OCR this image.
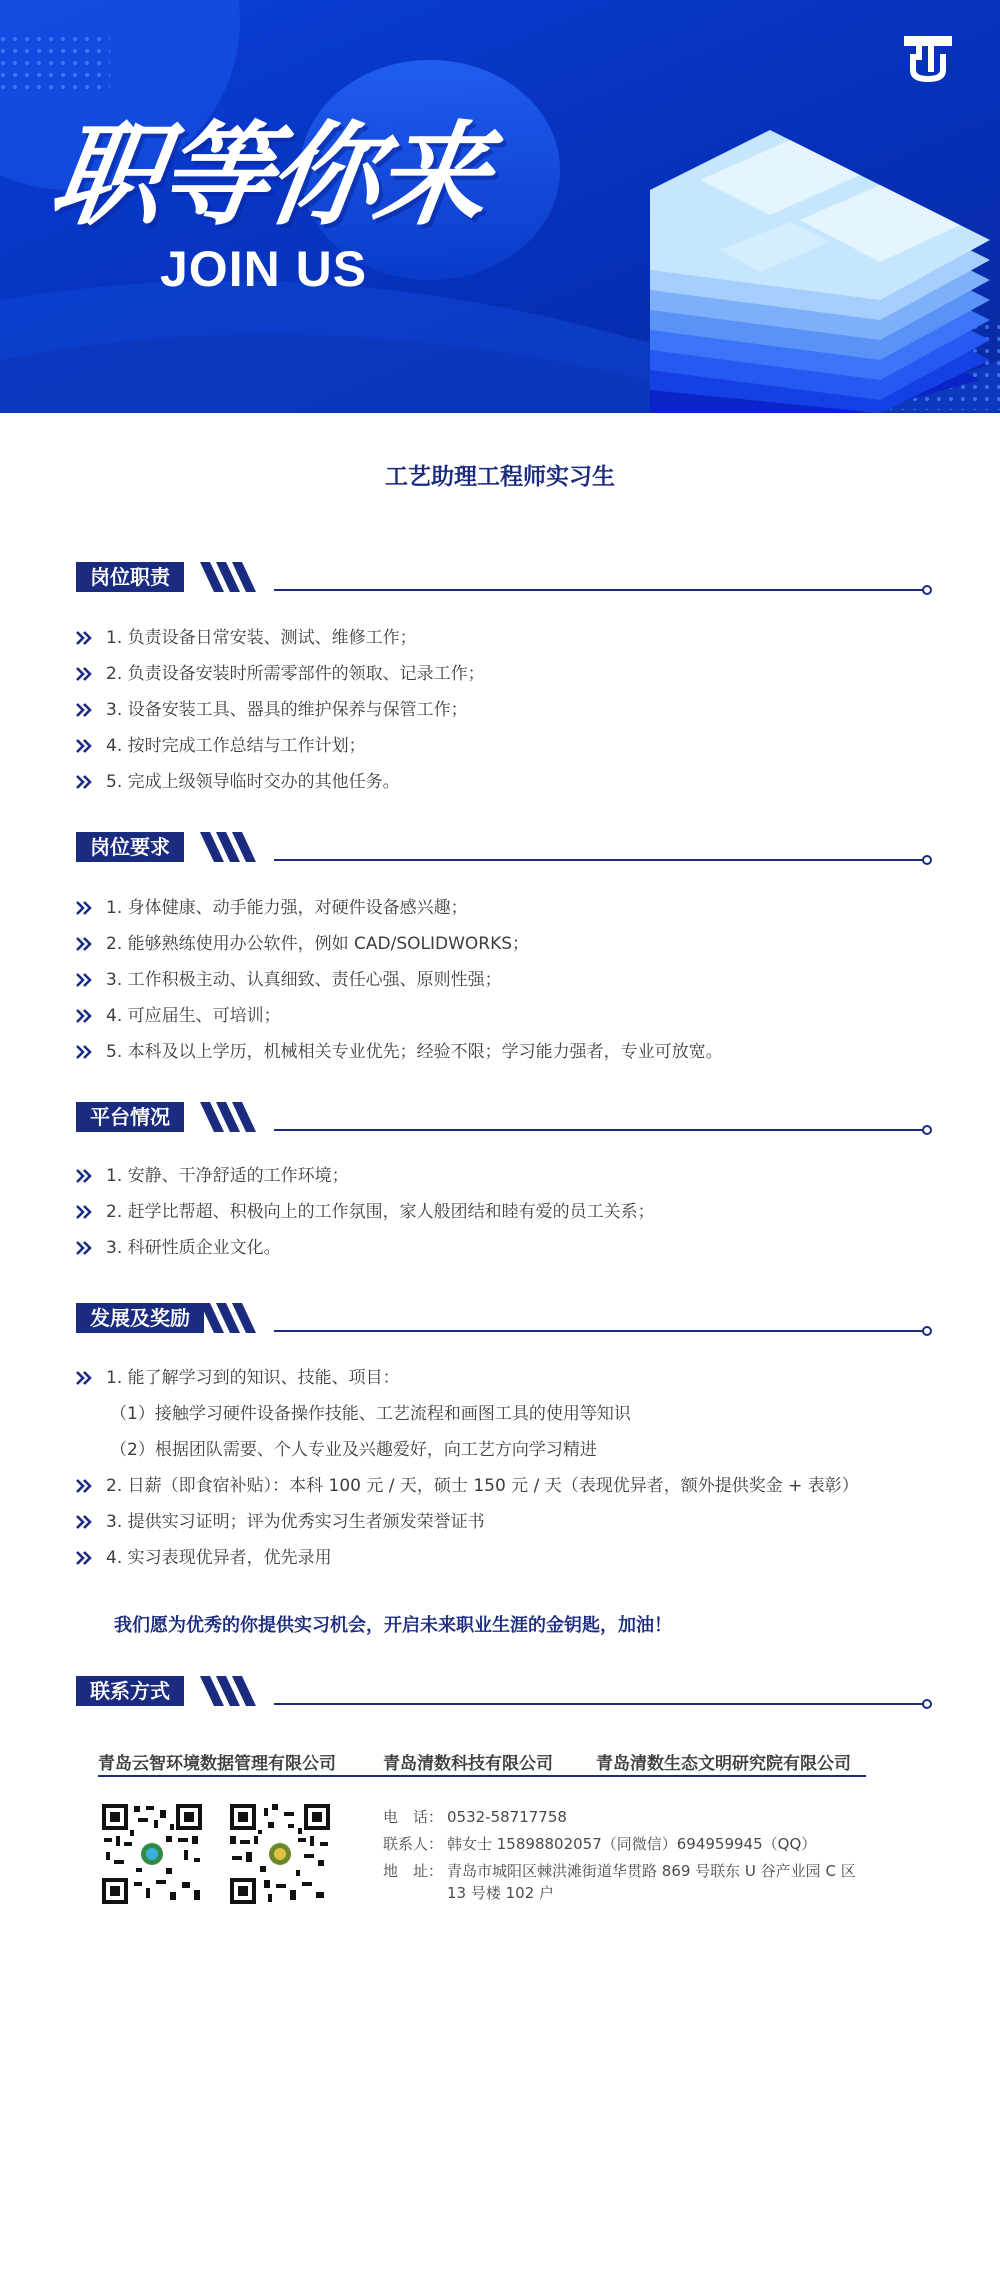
职等你来
JOIN US
工艺助理工程师实习生
岗位职责
1. 负责设备日常安装、测试、维修工作；
2. 负责设备安装时所需零部件的领取、记录工作；
3. 设备安装工具、器具的维护保养与保管工作；
4. 按时完成工作总结与工作计划；
5. 完成上级领导临时交办的其他任务。
岗位要求
1. 身体健康、动手能力强，对硬件设备感兴趣；
2. 能够熟练使用办公软件，例如 CAD/SOLIDWORKS；
3. 工作积极主动、认真细致、责任心强、原则性强；
4. 可应届生、可培训；
5. 本科及以上学历，机械相关专业优先；经验不限；学习能力强者，专业可放宽。
平台情况
1. 安静、干净舒适的工作环境；
2. 赶学比帮超、积极向上的工作氛围，家人般团结和睦有爱的员工关系；
3. 科研性质企业文化。
发展及奖励
1. 能了解学习到的知识、技能、项目：
（1）接触学习硬件设备操作技能、工艺流程和画图工具的使用等知识
（2）根据团队需要、个人专业及兴趣爱好，向工艺方向学习精进
2. 日薪（即食宿补贴）：本科 100 元 / 天，硕士 150 元 / 天（表现优异者，额外提供奖金 + 表彰）
3. 提供实习证明；评为优秀实习生者颁发荣誉证书
4. 实习表现优异者，优先录用
我们愿为优秀的你提供实习机会，开启未来职业生涯的金钥匙，加油！
联系方式
青岛云智环境数据管理有限公司	青岛清数科技有限公司	青岛清数生态文明研究院有限公司
电　话： 0532-58717758
联系人： 韩女士 15898802057（同微信）694959945（QQ）
地　址： 青岛市城阳区棘洪滩街道华贯路 869 号联东 U 谷产业园 C 区
13 号楼 102 户
